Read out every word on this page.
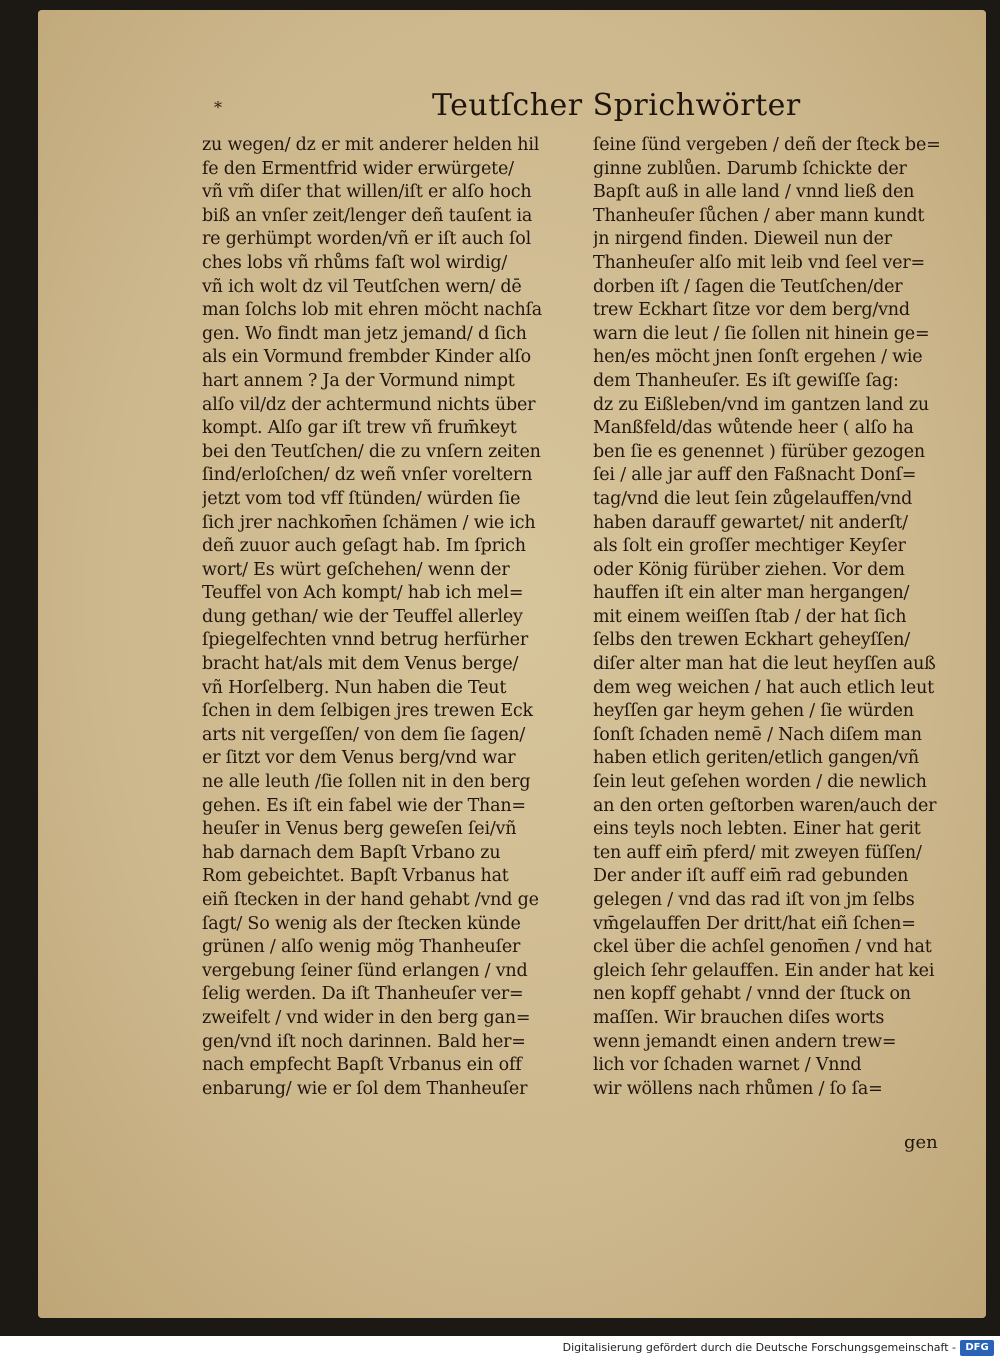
*	Teutſcher Sprichwörter
zu wegen/ dz er mit anderer helden hil
fe den Ermentfrid wider erwürgete/
vñ vm̃ diſer that willen/iſt er alſo hoch
biß an vnſer zeit/lenger deñ tauſent ia
re gerhümpt worden/vñ er iſt auch ſol
ches lobs vñ rhůms faſt wol wirdig/
vñ ich wolt dz vil Teutſchen wern/ dē
man ſolchs lob mit ehren möcht nachſa
gen. Wo findt man jetz jemand/ d ſich
als ein Vormund frembder Kinder alſo
hart annem ? Ja der Vormund nimpt
alſo vil/dz der achtermund nichts über
kompt. Alſo gar iſt trew vñ frum̄keyt
bei den Teutſchen/ die zu vnſern zeiten
ſind/erloſchen/ dz weñ vnſer voreltern
jetzt vom tod vff ſtünden/ würden ſie
ſich jrer nachkom̄en ſchämen / wie ich
deñ zuuor auch geſagt hab. Im ſprich
wort/ Es würt geſchehen/ wenn der
Teuffel von Ach kompt/ hab ich mel=
dung gethan/ wie der Teuffel allerley
ſpiegelfechten vnnd betrug herfürher
bracht hat/als mit dem Venus berge/
vñ Horſelberg. Nun haben die Teut
ſchen in dem ſelbigen jres trewen Eck
arts nit vergeſſen/ von dem ſie ſagen/
er ſitzt vor dem Venus berg/vnd war
ne alle leuth /ſie ſollen nit in den berg
gehen. Es iſt ein fabel wie der Than=
heuſer in Venus berg geweſen ſei/vñ
hab darnach dem Bapſt Vrbano zu
Rom gebeichtet. Bapſt Vrbanus hat
eiñ ſtecken in der hand gehabt /vnd ge
ſagt/ So wenig als der ſtecken künde
grünen / alſo wenig mög Thanheuſer
vergebung ſeiner ſünd erlangen / vnd
ſelig werden. Da iſt Thanheuſer ver=
zweifelt / vnd wider in den berg gan=
gen/vnd iſt noch darinnen. Bald her=
nach empfecht Bapſt Vrbanus ein off
enbarung/ wie er ſol dem Thanheuſer
ſeine ſünd vergeben / deñ der ſteck be=
ginne zublůen. Darumb ſchickte der
Bapſt auß in alle land / vnnd ließ den
Thanheuſer ſůchen / aber mann kundt
jn nirgend finden. Dieweil nun der
Thanheuſer alſo mit leib vnd ſeel ver=
dorben iſt / ſagen die Teutſchen/der
trew Eckhart ſitze vor dem berg/vnd
warn die leut / ſie ſollen nit hinein ge=
hen/es möcht jnen ſonſt ergehen / wie
dem Thanheuſer. Es iſt gewiſſe ſag:
dz zu Eißleben/vnd im gantzen land zu
Manßfeld/das wůtende heer ( alſo ha
ben ſie es genennet ) fürüber gezogen
ſei / alle jar auff den Faßnacht Donſ=
tag/vnd die leut ſein zůgelauffen/vnd
haben darauff gewartet/ nit anderſt/
als ſolt ein groſſer mechtiger Keyſer
oder König fürüber ziehen. Vor dem
hauffen iſt ein alter man hergangen/
mit einem weiſſen ſtab / der hat ſich
ſelbs den trewen Eckhart geheyſſen/
diſer alter man hat die leut heyſſen auß
dem weg weichen / hat auch etlich leut
heyſſen gar heym gehen / ſie würden
ſonſt ſchaden nemē / Nach diſem man
haben etlich geriten/etlich gangen/vñ
ſein leut geſehen worden / die newlich
an den orten geſtorben waren/auch der
eins teyls noch lebten. Einer hat gerit
ten auff eim̄ pferd/ mit zweyen füſſen/
Der ander iſt auff eim̄ rad gebunden
gelegen / vnd das rad iſt von jm ſelbs
vm̄gelauffen Der dritt/hat eiñ ſchen=
ckel über die achſel genom̄en / vnd hat
gleich ſehr gelauffen. Ein ander hat kei
nen kopff gehabt / vnnd der ſtuck on
maſſen. Wir brauchen diſes worts
wenn jemandt einen andern trew=
lich vor ſchaden warnet / Vnnd
wir wöllens nach rhůmen / ſo ſa=
gen
Digitalisierung gefördert durch die Deutsche Forschungsgemeinschaft - DFG
